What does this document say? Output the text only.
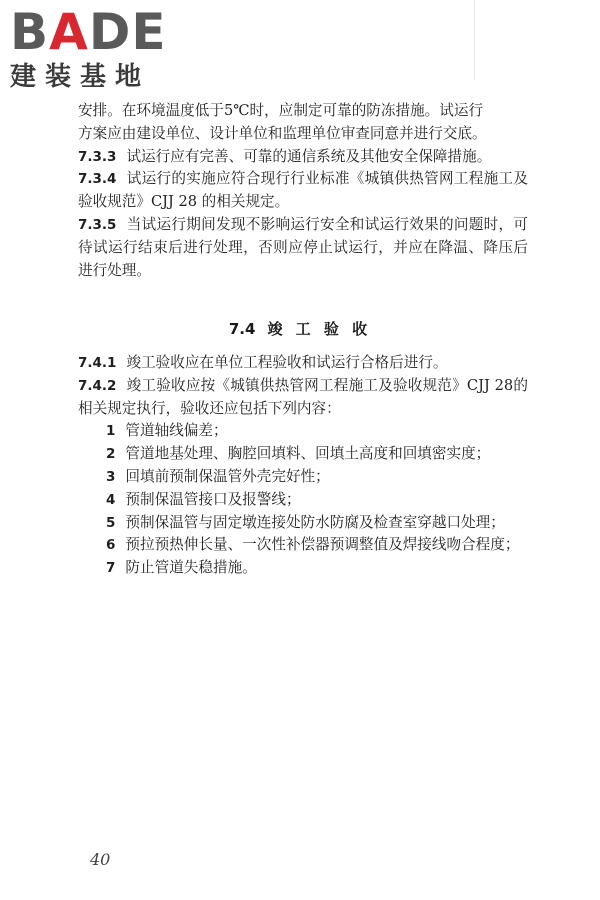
BADE
建装基地

安排。在环境温度低于5℃时，应制定可靠的防冻措施。试运行

方案应由建设单位、设计单位和监理单位审查同意并进行交底。

7.3.3 试运行应有完善、可靠的通信系统及其他安全保障措施。

7.3.4 试运行的实施应符合现行行业标准《城镇供热管网工程施工及验收规范》CJJ 28 的相关规定。

7.3.5 当试运行期间发现不影响运行安全和试运行效果的问题时，可待试运行结束后进行处理，否则应停止试运行，并应在降温、降压后进行处理。

7.4 竣 工 验 收

7.4.1 竣工验收应在单位工程验收和试运行合格后进行。

7.4.2 竣工验收应按《城镇供热管网工程施工及验收规范》CJJ 28的相关规定执行，验收还应包括下列内容：

1 管道轴线偏差；

2 管道地基处理、胸腔回填料、回填土高度和回填密实度；

3 回填前预制保温管外壳完好性；

4 预制保温管接口及报警线；

5 预制保温管与固定墩连接处防水防腐及检查室穿越口处理；

6 预拉预热伸长量、一次性补偿器预调整值及焊接线吻合程度；

7 防止管道失稳措施。

40
